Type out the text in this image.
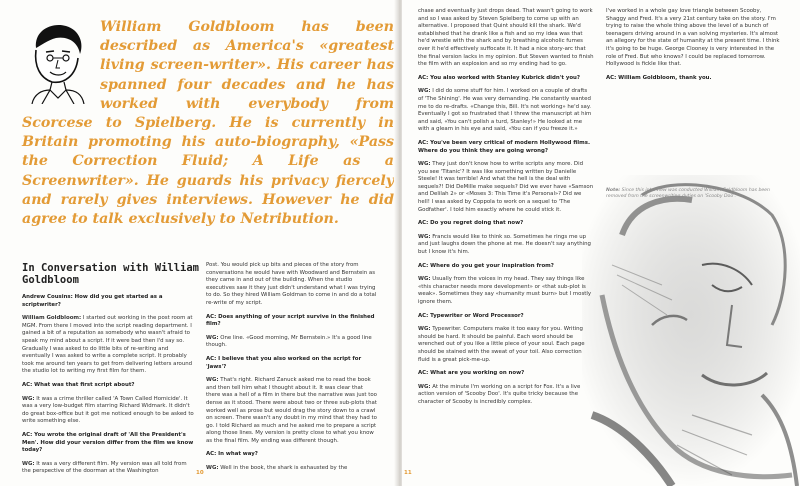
William Goldbloom has been described as America's «greatest living screen-writer». His career has spanned four decades and he has worked with everybody from Scorcese to Spielberg. He is currently in Britain promoting his auto-biography, «Pass the Correction Fluid; A Life as a Screenwriter». He guards his privacy fiercely and rarely gives interviews. However he did agree to talk exclusively to Netribution.
In Conversation with William Goldbloom

Andrew Cousins: How did you get started as a scriptwriter?

William Goldbloom: I started out working in the post room at MGM. From there I moved into the script reading department. I gained a bit of a reputation as somebody who wasn't afraid to speak my mind about a script. If it were bad then I'd say so. Gradually I was asked to do little bits of re-writing and eventually I was asked to write a complete script. It probably took me around ten years to get from delivering letters around the studio lot to writing my first film for them.

AC: What was that first script about?

WG: It was a crime thriller called 'A Town Called Homicide'. It was a very low-budget film starring Richard Widmark. It didn't do great box-office but it got me noticed enough to be asked to write something else.

AC: You wrote the original draft of 'All the President's Men'. How did your version differ from the film we know today?

WG: It was a very different film. My version was all told from the perspective of the doorman at the Washington

Post. You would pick up bits and pieces of the story from conversations he would have with Woodward and Bernstein as they came in and out of the building. When the studio executives saw it they just didn't understand what I was trying to do. So they hired William Goldman to come in and do a total re-write of my script.

AC: Does anything of your script survive in the finished film?

WG: One line. «Good morning, Mr Bernstein.» It's a good line though.

AC: I believe that you also worked on the script for 'Jaws'?

WG: That's right. Richard Zanuck asked me to read the book and then tell him what I thought about it. It was clear that there was a hell of a film in there but the narrative was just too dense as it stood. There were about two or three sub-plots that worked well as prose but would drag the story down to a crawl on screen. There wasn't any doubt in my mind that they had to go. I told Richard as much and he asked me to prepare a script along those lines. My version is pretty close to what you know as the final film. My ending was different though.

AC: In what way?

WG: Well in the book, the shark is exhausted by the

10

chase and eventually just drops dead. That wasn't going to work and so I was asked by Steven Spielberg to come up with an alternative. I proposed that Quint should kill the shark. We'd established that he drank like a fish and so my idea was that he'd wrestle with the shark and by breathing alcoholic fumes over it he'd effectively suffocate it. It had a nice story-arc that the final version lacks in my opinion. But Steven wanted to finish the film with an explosion and so my ending had to go.

AC: You also worked with Stanley Kubrick didn't you?

WG: I did do some stuff for him. I worked on a couple of drafts of 'The Shining'. He was very demanding. He constantly wanted me to do re-drafts. «Change this, Bill. It's not working» he'd say. Eventually I got so frustrated that I threw the manuscript at him and said, «You can't polish a turd, Stanley!» He looked at me with a gleam in his eye and said, «You can if you freeze it.»

AC: You've been very critical of modern Hollywood films. Where do you think they are going wrong?

WG: They just don't know how to write scripts any more. Did you see 'Titanic'? It was like something written by Danielle Steele! It was terrible! And what the hell is the deal with sequels?! Did DeMille make sequels? Did we ever have «Samson and Delilah 2» or «Moses 3: This Time it's Personal»? Did we hell! I was asked by Coppola to work on a sequel to 'The Godfather'. I told him exactly where he could stick it.

AC: Do you regret doing that now?

WG: Francis would like to think so. Sometimes he rings me up and just laughs down the phone at me. He doesn't say anything but I know it's him.

AC: Where do you get your inspiration from?

WG: Usually from the voices in my head. They say things like «this character needs more development» or «that sub-plot is weak». Sometimes they say «humanity must burn» but I mostly ignore them.

AC: Typewriter or Word Processor?

WG: Typewriter. Computers make it too easy for you. Writing should be hard. It should be painful. Each word should be wrenched out of you like a little piece of your soul. Each page should be stained with the sweat of your toil. Also correction fluid is a great pick-me-up.

AC: What are you working on now?

WG: At the minute I'm working on a script for Fox. It's a live action version of 'Scooby Doo'. It's quite tricky because the character of Scooby is incredibly complex.

I've worked in a whole gay love triangle between Scooby, Shaggy and Fred. It's a very 21st century take on the story. I'm trying to raise the whole thing above the level of a bunch of teenagers driving around in a van solving mysteries. It's almost an allegory for the state of humanity at the present time. I think it's going to be huge. George Clooney is very interested in the role of Fred. But who knows? I could be replaced tomorrow. Hollywood is fickle like that.

AC: William Goldbloom, thank you.

Note: Since this interview was conducted William Goldbloom has been removed from the screenwriting duties on 'Scooby Doo'.

11
